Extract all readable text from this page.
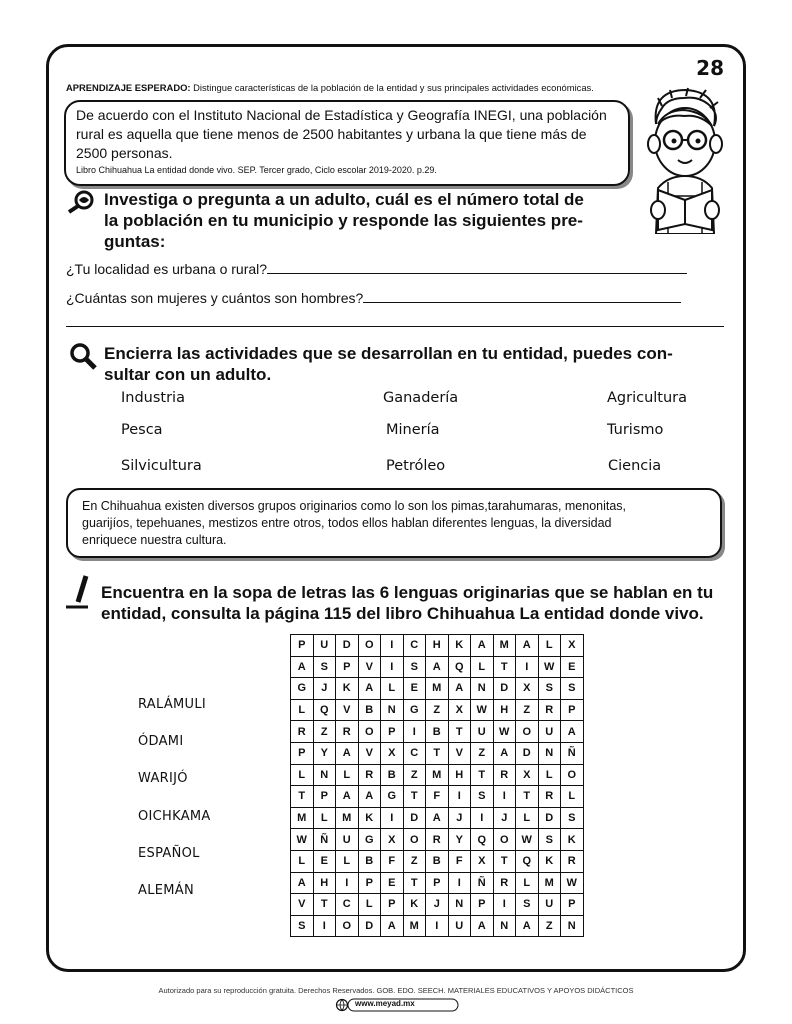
28
APRENDIZAJE ESPERADO: Distingue características de la población de la entidad y sus principales actividades económicas.
De acuerdo con el Instituto Nacional de Estadística y Geografía INEGI, una población
rural es aquella que tiene menos de 2500 habitantes y urbana la que tiene más de
2500 personas.
Libro Chihuahua La entidad donde vivo. SEP. Tercer grado, Ciclo escolar 2019-2020. p.29.
Investiga o pregunta a un adulto, cuál es el número total de
la población en tu municipio y responde las siguientes pre-
guntas:
¿Tu localidad es urbana o rural?
¿Cuántas son mujeres y cuántos son hombres?
Encierra las actividades que se desarrollan en tu entidad, puedes con-
sultar con un adulto.
Industria	Ganadería	Agricultura
Pesca	Minería	Turismo
Silvicultura	Petróleo	Ciencia
En Chihuahua existen diversos grupos originarios como lo son los pimas,tarahumaras, menonitas,
guarijíos, tepehuanes, mestizos entre otros, todos ellos hablan diferentes lenguas, la diversidad
enriquece nuestra cultura.
Encuentra en la sopa de letras las 6 lenguas originarias que se hablan en tu
entidad, consulta la página 115 del libro Chihuahua La entidad donde vivo.
RALÁMULI
ÓDAMI
WARIJÓ
OICHKAMA
ESPAÑOL
ALEMÁN
P	U	D	O	I	C	H	K	A	M	A	L	X
A	S	P	V	I	S	A	Q	L	T	I	W	E
G	J	K	A	L	E	M	A	N	D	X	S	S
L	Q	V	B	N	G	Z	X	W	H	Z	R	P
R	Z	R	O	P	I	B	T	U	W	O	U	A
P	Y	A	V	X	C	T	V	Z	A	D	N	Ñ
L	N	L	R	B	Z	M	H	T	R	X	L	O
T	P	A	A	G	T	F	I	S	I	T	R	L
M	L	M	K	I	D	A	J	I	J	L	D	S
W	Ñ	U	G	X	O	R	Y	Q	O	W	S	K
L	E	L	B	F	Z	B	F	X	T	Q	K	R
A	H	I	P	E	T	P	I	Ñ	R	L	M	W
V	T	C	L	P	K	J	N	P	I	S	U	P
S	I	O	D	A	M	I	U	A	N	A	Z	N
Autorizado para su reproducción gratuita. Derechos Reservados. GOB. EDO. SEECH. MATERIALES EDUCATIVOS Y APOYOS DIDÁCTICOS
www.meyad.mx
